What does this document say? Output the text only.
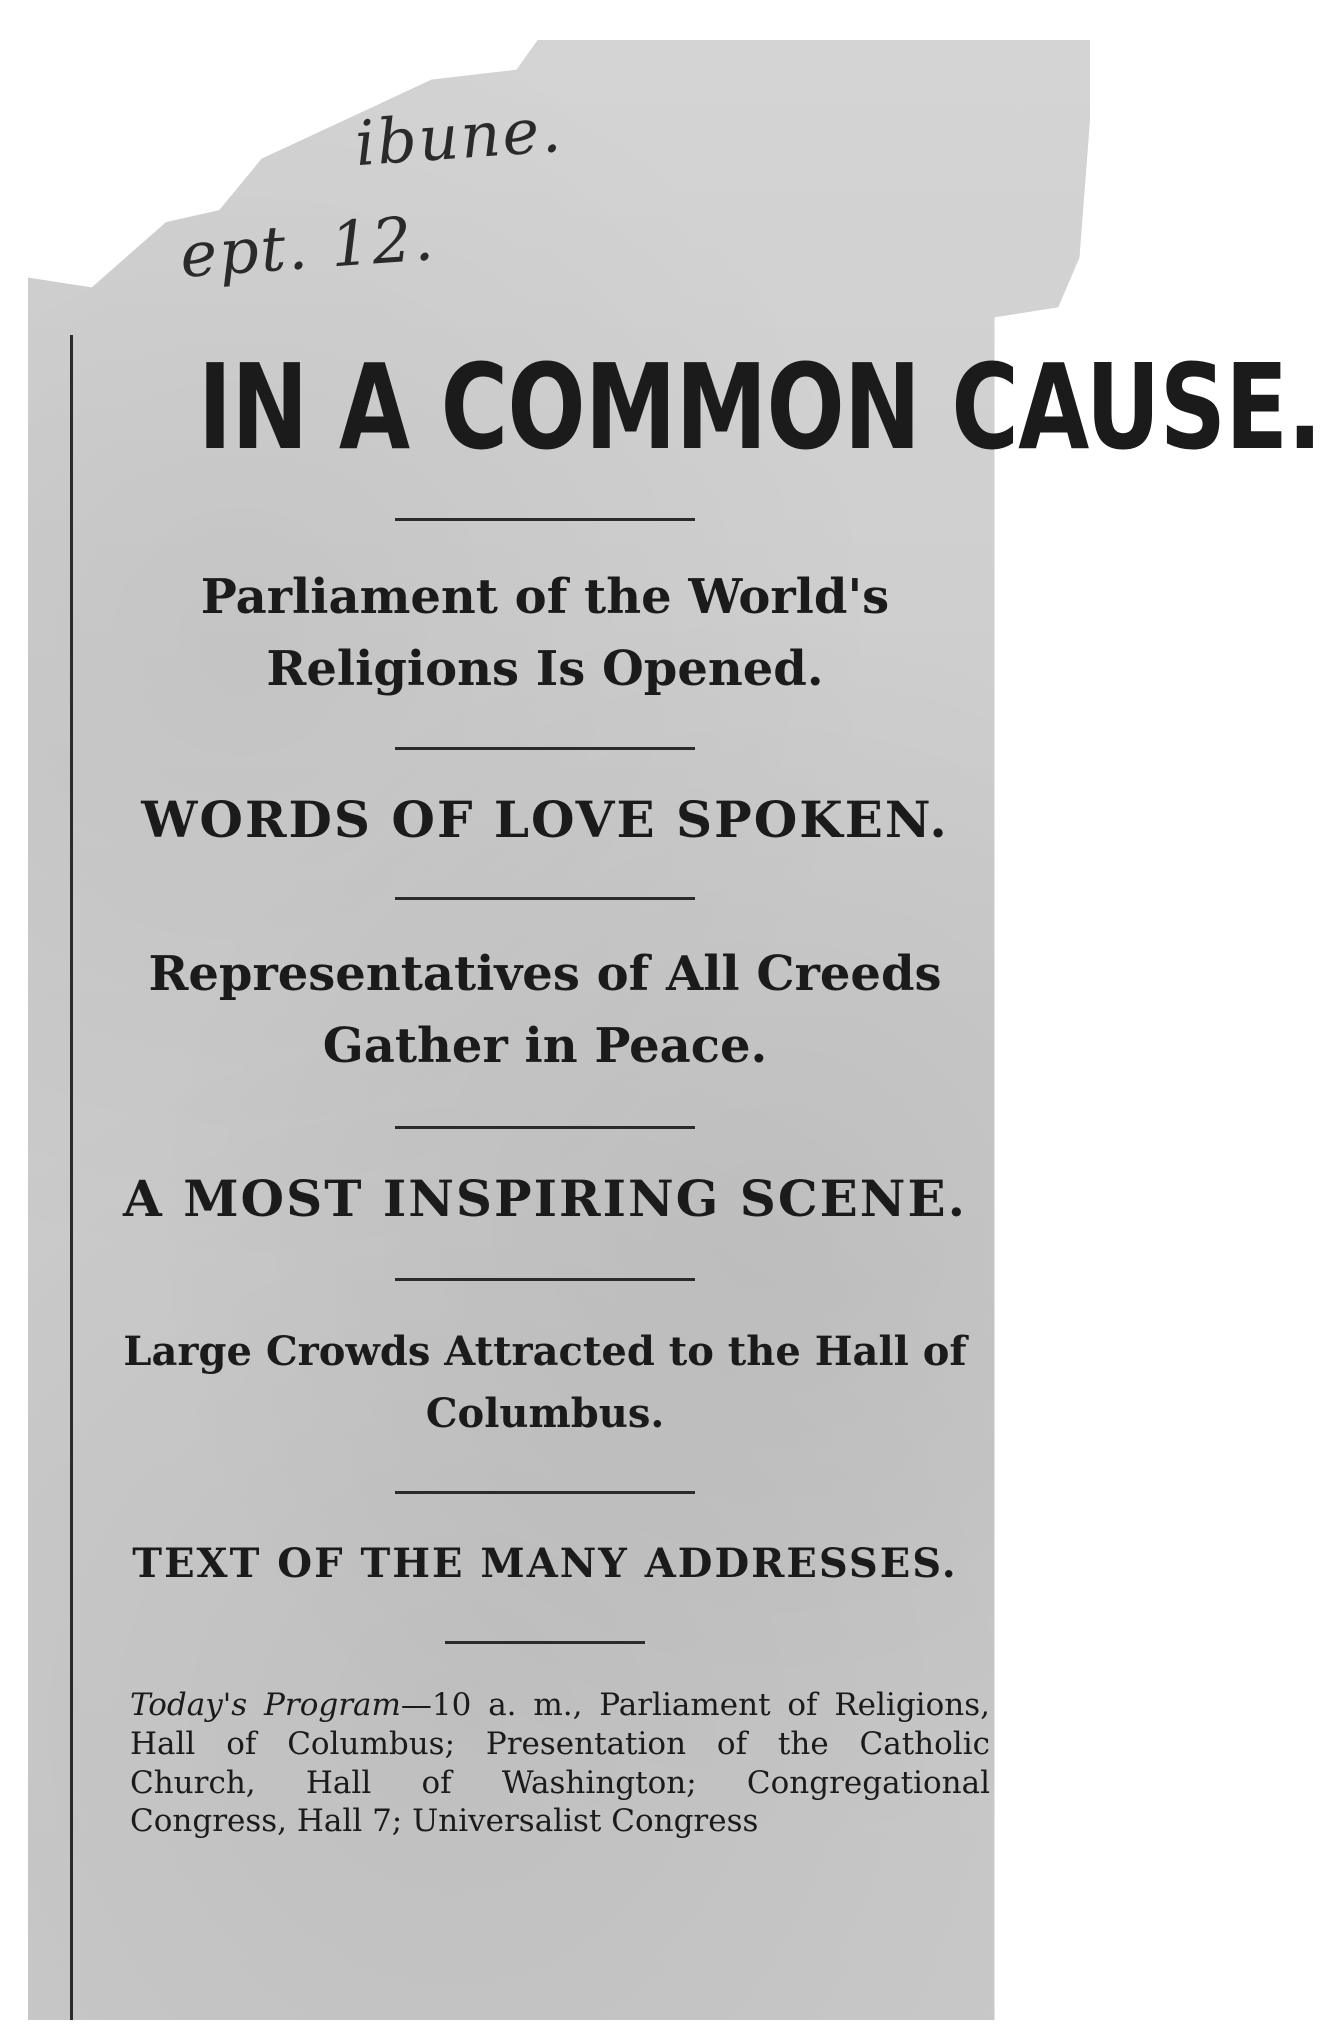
ibune.
ept. 12.
IN A COMMON CAUSE.

Parliament of the World's Religions Is Opened.

WORDS OF LOVE SPOKEN.

Representatives of All Creeds Gather in Peace.

A MOST INSPIRING SCENE.

Large Crowds Attracted to the Hall of Columbus.

TEXT OF THE MANY ADDRESSES.

Today's Program—10 a. m., Parliament of Religions, Hall of Columbus; Presentation of the Catholic Church, Hall of Washington; Congregational Congress, Hall 7; Universalist Congress
